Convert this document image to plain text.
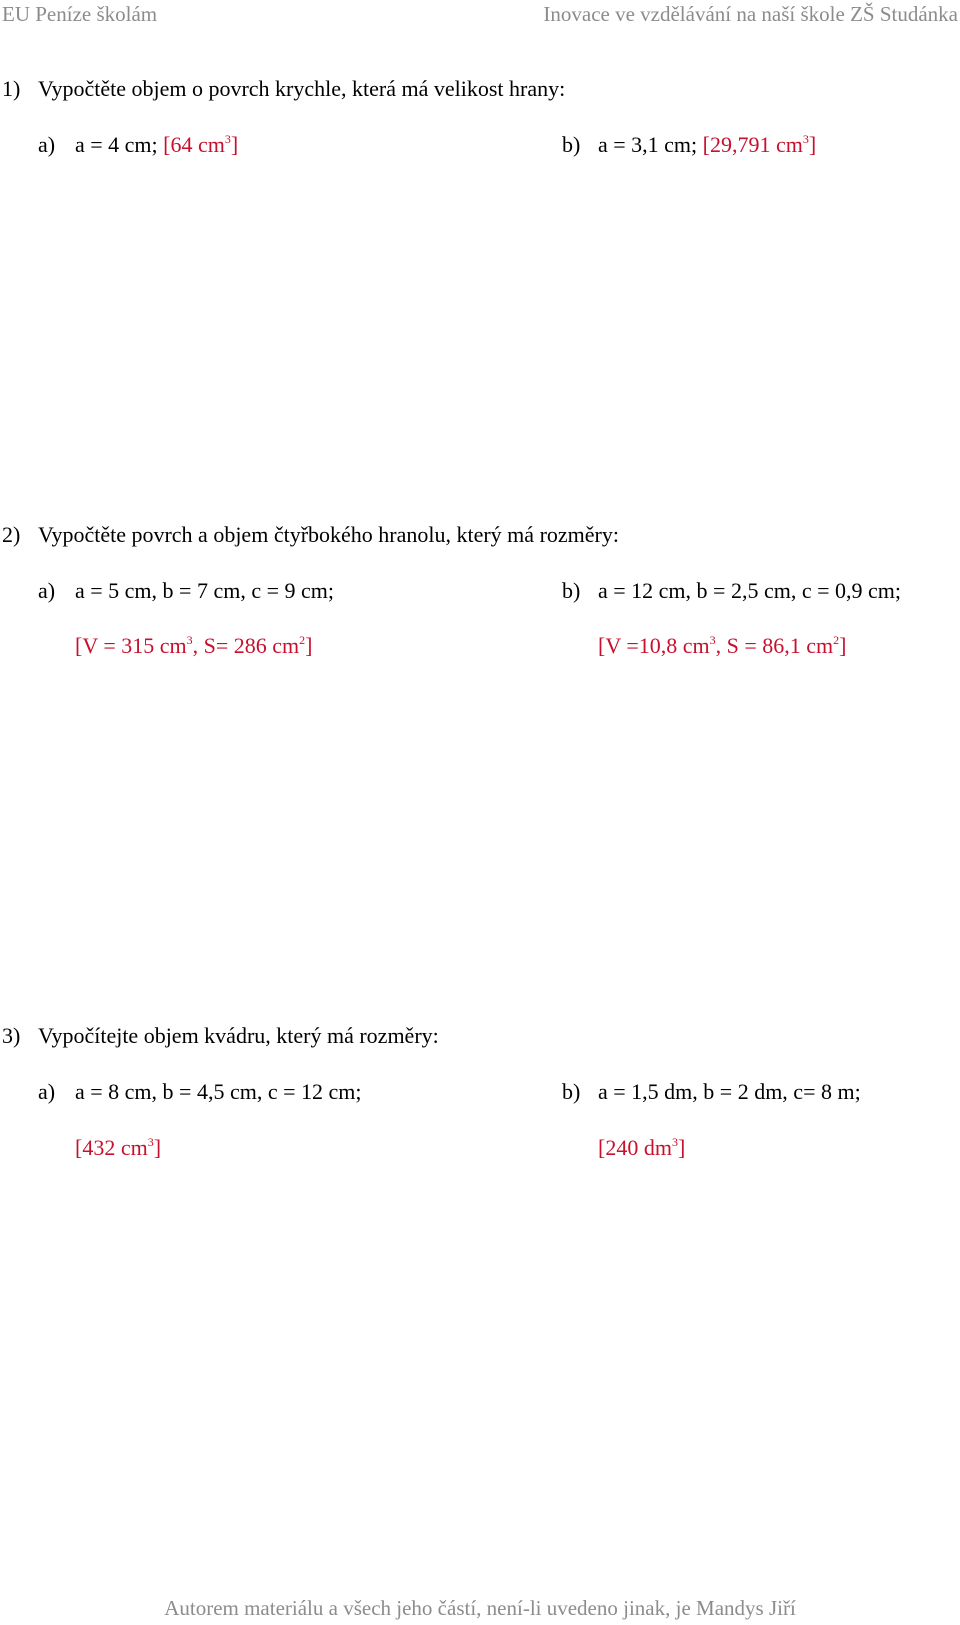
EU Peníze školám	Inovace ve vzdělávání na naší škole ZŠ Studánka
1) Vypočtěte objem o povrch krychle, která má velikost hrany:
a) a = 4 cm; [64 $cm^3$]	b) a = 3,1 cm; [29,791 $cm^3$]
2) Vypočtěte povrch a objem čtyřbokého hranolu, který má rozměry:
a) a = 5 cm, b = 7 cm, c = 9 cm;	b) a = 12 cm, b = 2,5 cm, c = 0,9 cm;
[V = 315 $cm^3$, S= 286 $cm^2$]	[V =10,8 $cm^3$, S = 86,1 $cm^2$]
3) Vypočítejte objem kvádru, který má rozměry:
a) a = 8 cm, b = 4,5 cm, c = 12 cm;	b) a = 1,5 dm, b = 2 dm, c= 8 m;
[432 $cm^3$]	[240 $dm^3$]
Autorem materiálu a všech jeho částí, není-li uvedeno jinak, je Mandys Jiří
